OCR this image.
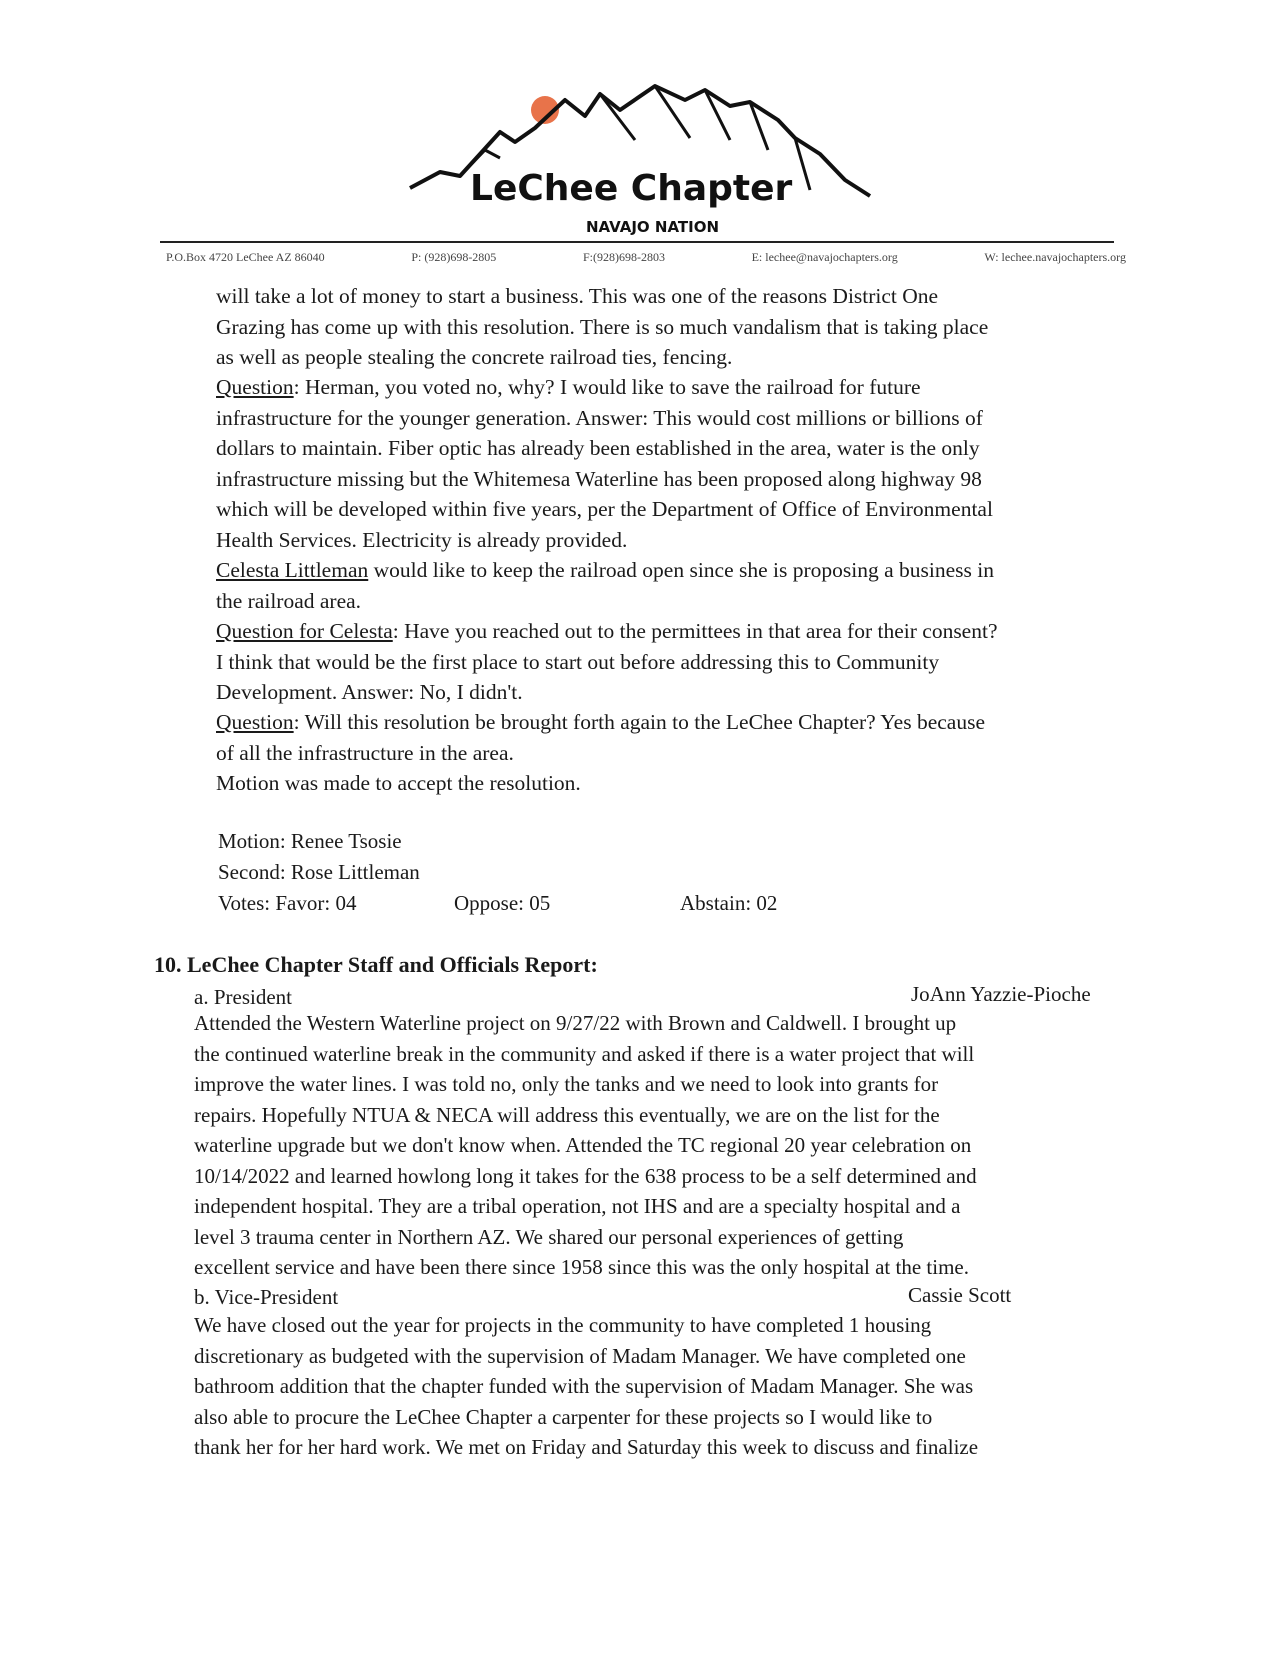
LeChee Chapter
NAVAJO NATION
P.O.Box 4720 LeChee AZ 86040	P: (928)698-2805	F:(928)698-2803	E: lechee@navajochapters.org	W: lechee.navajochapters.org

will take a lot of money to start a business. This was one of the reasons District One

Grazing has come up with this resolution. There is so much vandalism that is taking place

as well as people stealing the concrete railroad ties, fencing.

Question: Herman, you voted no, why? I would like to save the railroad for future

infrastructure for the younger generation. Answer: This would cost millions or billions of

dollars to maintain. Fiber optic has already been established in the area, water is the only

infrastructure missing but the Whitemesa Waterline has been proposed along highway 98

which will be developed within five years, per the Department of Office of Environmental

Health Services. Electricity is already provided.

Celesta Littleman would like to keep the railroad open since she is proposing a business in

the railroad area.

Question for Celesta: Have you reached out to the permittees in that area for their consent?

I think that would be the first place to start out before addressing this to Community

Development. Answer: No, I didn't.

Question: Will this resolution be brought forth again to the LeChee Chapter? Yes because

of all the infrastructure in the area.

Motion was made to accept the resolution.

Motion: Renee Tsosie
Second: Rose Littleman
Votes: Favor: 04	Oppose: 05	Abstain: 02
10. LeChee Chapter Staff and Officials Report:
a. President	JoAnn Yazzie-Pioche

Attended the Western Waterline project on 9/27/22 with Brown and Caldwell. I brought up

the continued waterline break in the community and asked if there is a water project that will

improve the water lines. I was told no, only the tanks and we need to look into grants for

repairs. Hopefully NTUA & NECA will address this eventually, we are on the list for the

waterline upgrade but we don't know when. Attended the TC regional 20 year celebration on

10/14/2022 and learned howlong long it takes for the 638 process to be a self determined and

independent hospital. They are a tribal operation, not IHS and are a specialty hospital and a

level 3 trauma center in Northern AZ. We shared our personal experiences of getting

excellent service and have been there since 1958 since this was the only hospital at the time.

b. Vice-President	Cassie Scott

We have closed out the year for projects in the community to have completed 1 housing

discretionary as budgeted with the supervision of Madam Manager. We have completed one

bathroom addition that the chapter funded with the supervision of Madam Manager. She was

also able to procure the LeChee Chapter a carpenter for these projects so I would like to

thank her for her hard work. We met on Friday and Saturday this week to discuss and finalize
